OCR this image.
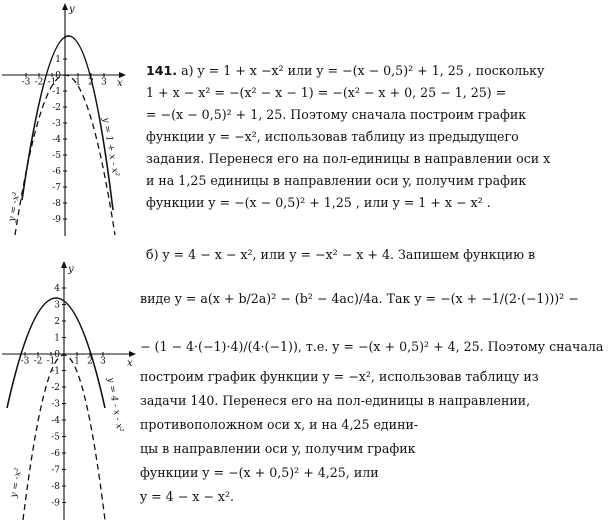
y
x
1
0
-1
-2
-3
-4
-5
-6
-7
-8
-9
-3 -2 -1 1 2 3
y = -x²
y = 1 + x - x²
y
x
4
3
2
1
0
-1
-2
-3
-4
-5
-6
-7
-8
-9
-3 -2 -1 1 2 3
y = -x²
y = 4 - x - x²
141. а) y = 1 + x −x² или y = −(x − 0,5)² + 1, 25 , поскольку
1 + x − x² = −(x² − x − 1) = −(x² − x + 0, 25 − 1, 25) =
= −(x − 0,5)² + 1, 25. Поэтому сначала построим график
функции y = −x², использовав таблицу из предыдущего
задания. Перенеся его на пол-единицы в направлении оси x
и на 1,25 единицы в направлении оси y, получим график
функции y = −(x − 0,5)² + 1,25 , или y = 1 + x − x² .
б) y = 4 − x − x², или y = −x² − x + 4. Запишем функцию в
виде y = a(x + b/2a)² − (b² − 4ac)/4a. Так y = −(x + −1/(2·(−1)))² −
− (1 − 4·(−1)·4)/(4·(−1)), т.е. y = −(x + 0,5)² + 4, 25. Поэтому сначала
построим график функции y = −x², использовав таблицу из
задачи 140. Перенеся его на пол-единицы в направлении,
противоположном оси x, и на 4,25 едини-
цы в направлении оси y, получим график
функции y = −(x + 0,5)² + 4,25, или
y = 4 − x − x².
